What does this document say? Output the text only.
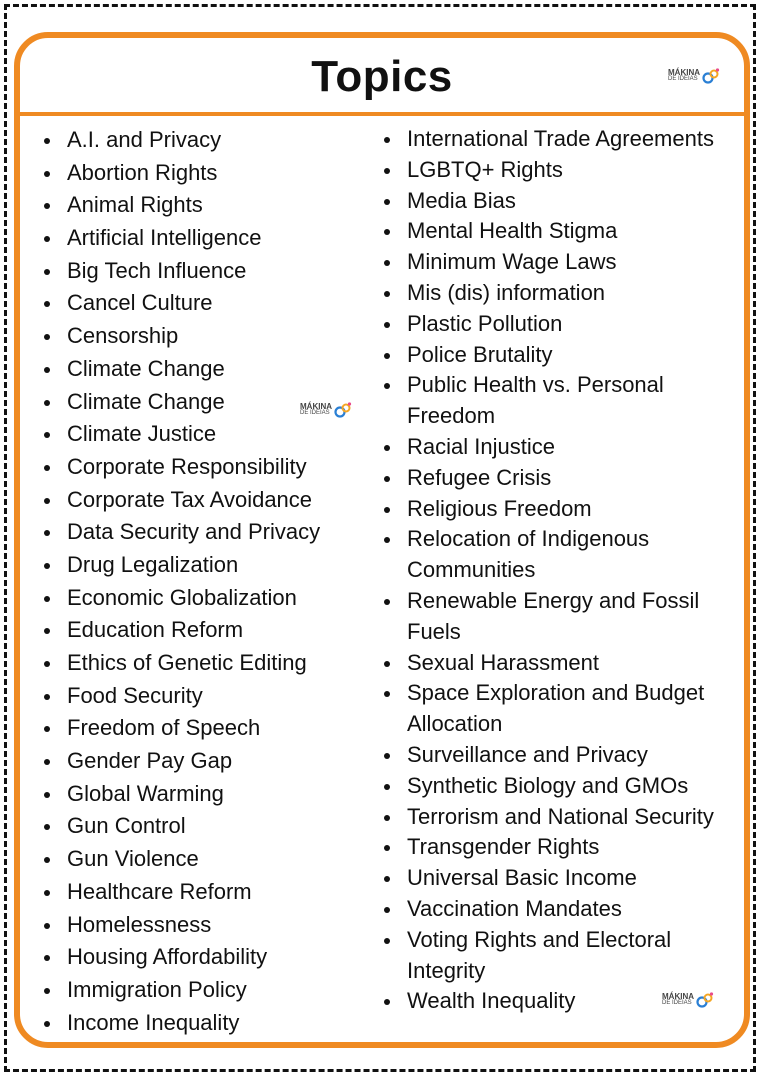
Topics	MÁKINA
DE IDEIAS
MÁKINA
DE IDEIAS
MÁKINA
DE IDEIAS
A.I. and Privacy
Abortion Rights
Animal Rights
Artificial Intelligence
Big Tech Influence
Cancel Culture
Censorship
Climate Change
Climate Change
Climate Justice
Corporate Responsibility
Corporate Tax Avoidance
Data Security and Privacy
Drug Legalization
Economic Globalization
Education Reform
Ethics of Genetic Editing
Food Security
Freedom of Speech
Gender Pay Gap
Global Warming
Gun Control
Gun Violence
Healthcare Reform
Homelessness
Housing Affordability
Immigration Policy
Income Inequality
International Trade Agreements
LGBTQ+ Rights
Media Bias
Mental Health Stigma
Minimum Wage Laws
Mis (dis) information
Plastic Pollution
Police Brutality
Public Health vs. Personal Freedom
Racial Injustice
Refugee Crisis
Religious Freedom
Relocation of Indigenous Communities
Renewable Energy and Fossil Fuels
Sexual Harassment
Space Exploration and Budget Allocation
Surveillance and Privacy
Synthetic Biology and GMOs
Terrorism and National Security
Transgender Rights
Universal Basic Income
Vaccination Mandates
Voting Rights and Electoral Integrity
Wealth Inequality
